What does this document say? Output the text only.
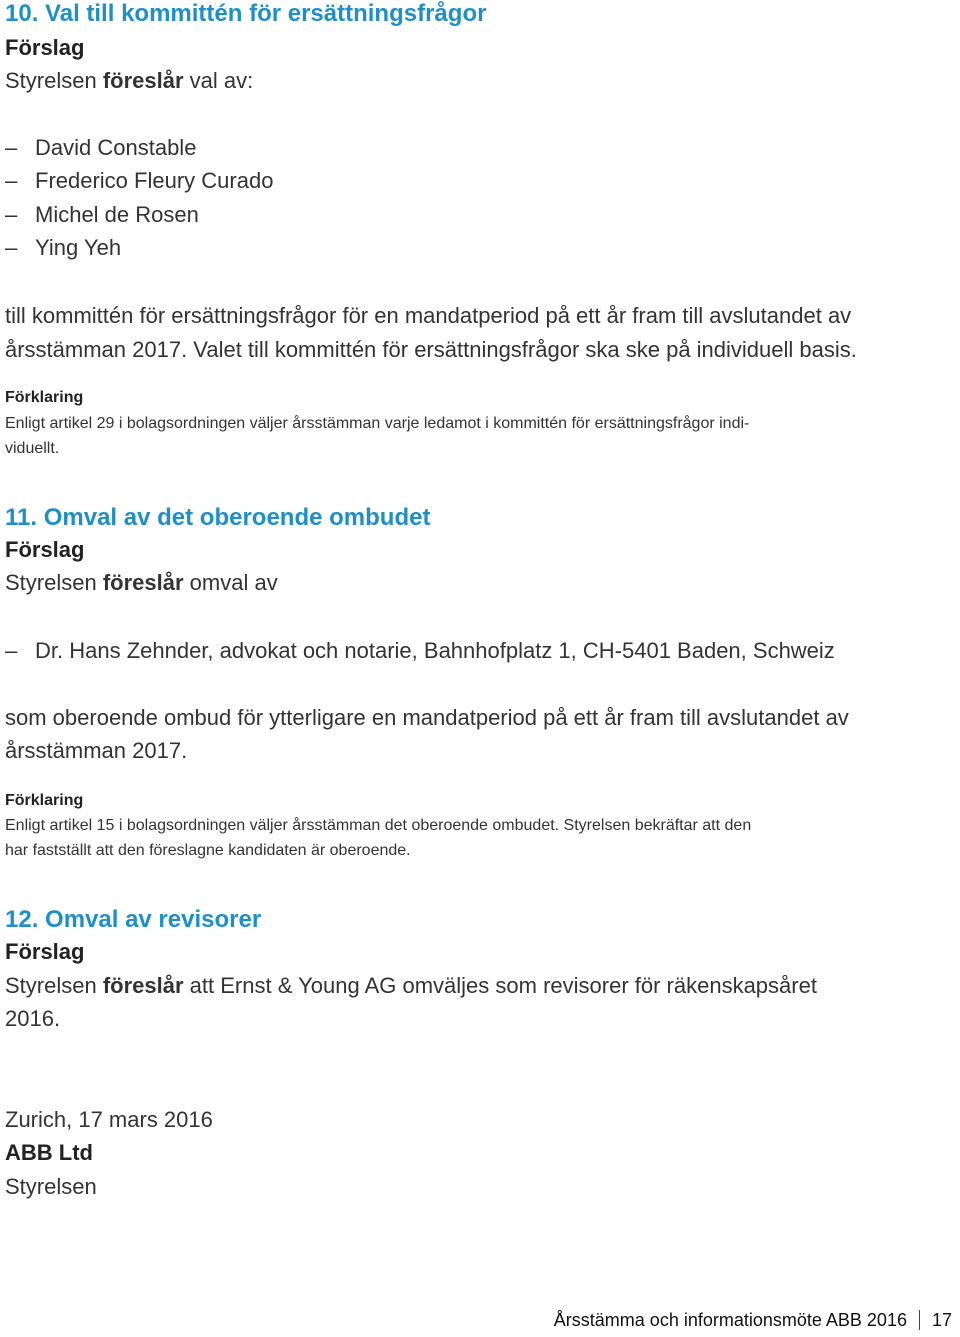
10. Val till kommittén för ersättningsfrågor
Förslag
Styrelsen föreslår val av:
– David Constable
– Frederico Fleury Curado
– Michel de Rosen
– Ying Yeh
till kommittén för ersättningsfrågor för en mandatperiod på ett år fram till avslutandet av
årsstämman 2017. Valet till kommittén för ersättningsfrågor ska ske på individuell basis.
Förklaring
Enligt artikel 29 i bolagsordningen väljer årsstämman varje ledamot i kommittén för ersättningsfrågor indi-
viduellt.
11. Omval av det oberoende ombudet
Förslag
Styrelsen föreslår omval av
– Dr. Hans Zehnder, advokat och notarie, Bahnhofplatz 1, CH-5401 Baden, Schweiz
som oberoende ombud för ytterligare en mandatperiod på ett år fram till avslutandet av
årsstämman 2017.
Förklaring
Enligt artikel 15 i bolagsordningen väljer årsstämman det oberoende ombudet. Styrelsen bekräftar att den
har fastställt att den föreslagne kandidaten är oberoende.
12. Omval av revisorer
Förslag
Styrelsen föreslår att Ernst & Young AG omväljes som revisorer för räkenskapsåret
2016.
Zurich, 17 mars 2016
ABB Ltd
Styrelsen
Årsstämma och informationsmöte ABB 2016 17
